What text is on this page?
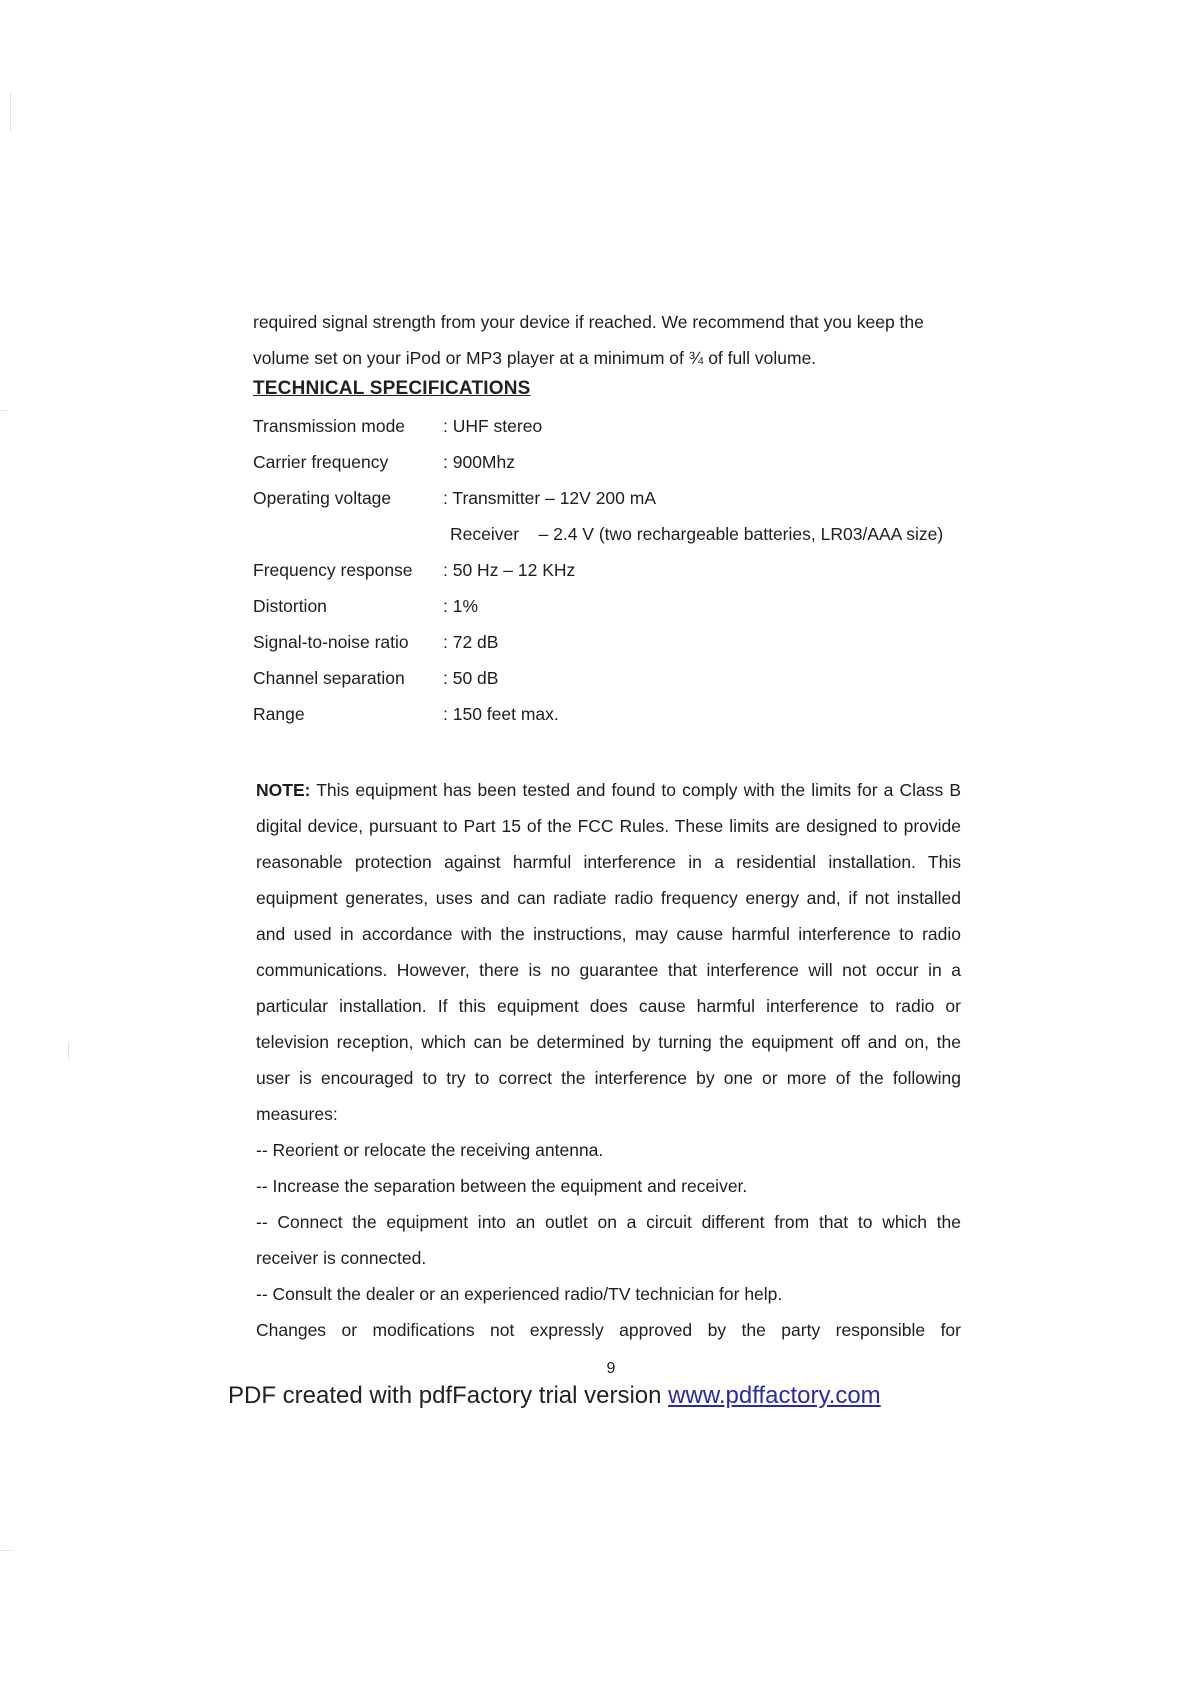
required signal strength from your device if reached. We recommend that you keep the

volume set on your iPod or MP3 player at a minimum of ¾ of full volume.

TECHNICAL SPECIFICATIONS
Transmission mode	: UHF stereo
Carrier frequency	: 900Mhz
Operating voltage	: Transmitter – 12V 200 mA
Receiver    – 2.4 V (two rechargeable batteries, LR03/AAA size)
Frequency response	: 50 Hz – 12 KHz
Distortion	: 1%
Signal-to-noise ratio	: 72 dB
Channel separation	: 50 dB
Range	: 150 feet max.

NOTE: This equipment has been tested and found to comply with the limits for a Class B

digital device, pursuant to Part 15 of the FCC Rules. These limits are designed to provide

reasonable protection against harmful interference in a residential installation. This

equipment generates, uses and can radiate radio frequency energy and, if not installed

and used in accordance with the instructions, may cause harmful interference to radio

communications. However, there is no guarantee that interference will not occur in a

particular installation. If this equipment does cause harmful interference to radio or

television reception, which can be determined by turning the equipment off and on, the

user is encouraged to try to correct the interference by one or more of the following

measures:

-- Reorient or relocate the receiving antenna.

-- Increase the separation between the equipment and receiver.

-- Connect the equipment into an outlet on a circuit different from that to which the

receiver is connected.

-- Consult the dealer or an experienced radio/TV technician for help.

Changes or modifications not expressly approved by the party responsible for

9
PDF created with pdfFactory trial version www.pdffactory.com
